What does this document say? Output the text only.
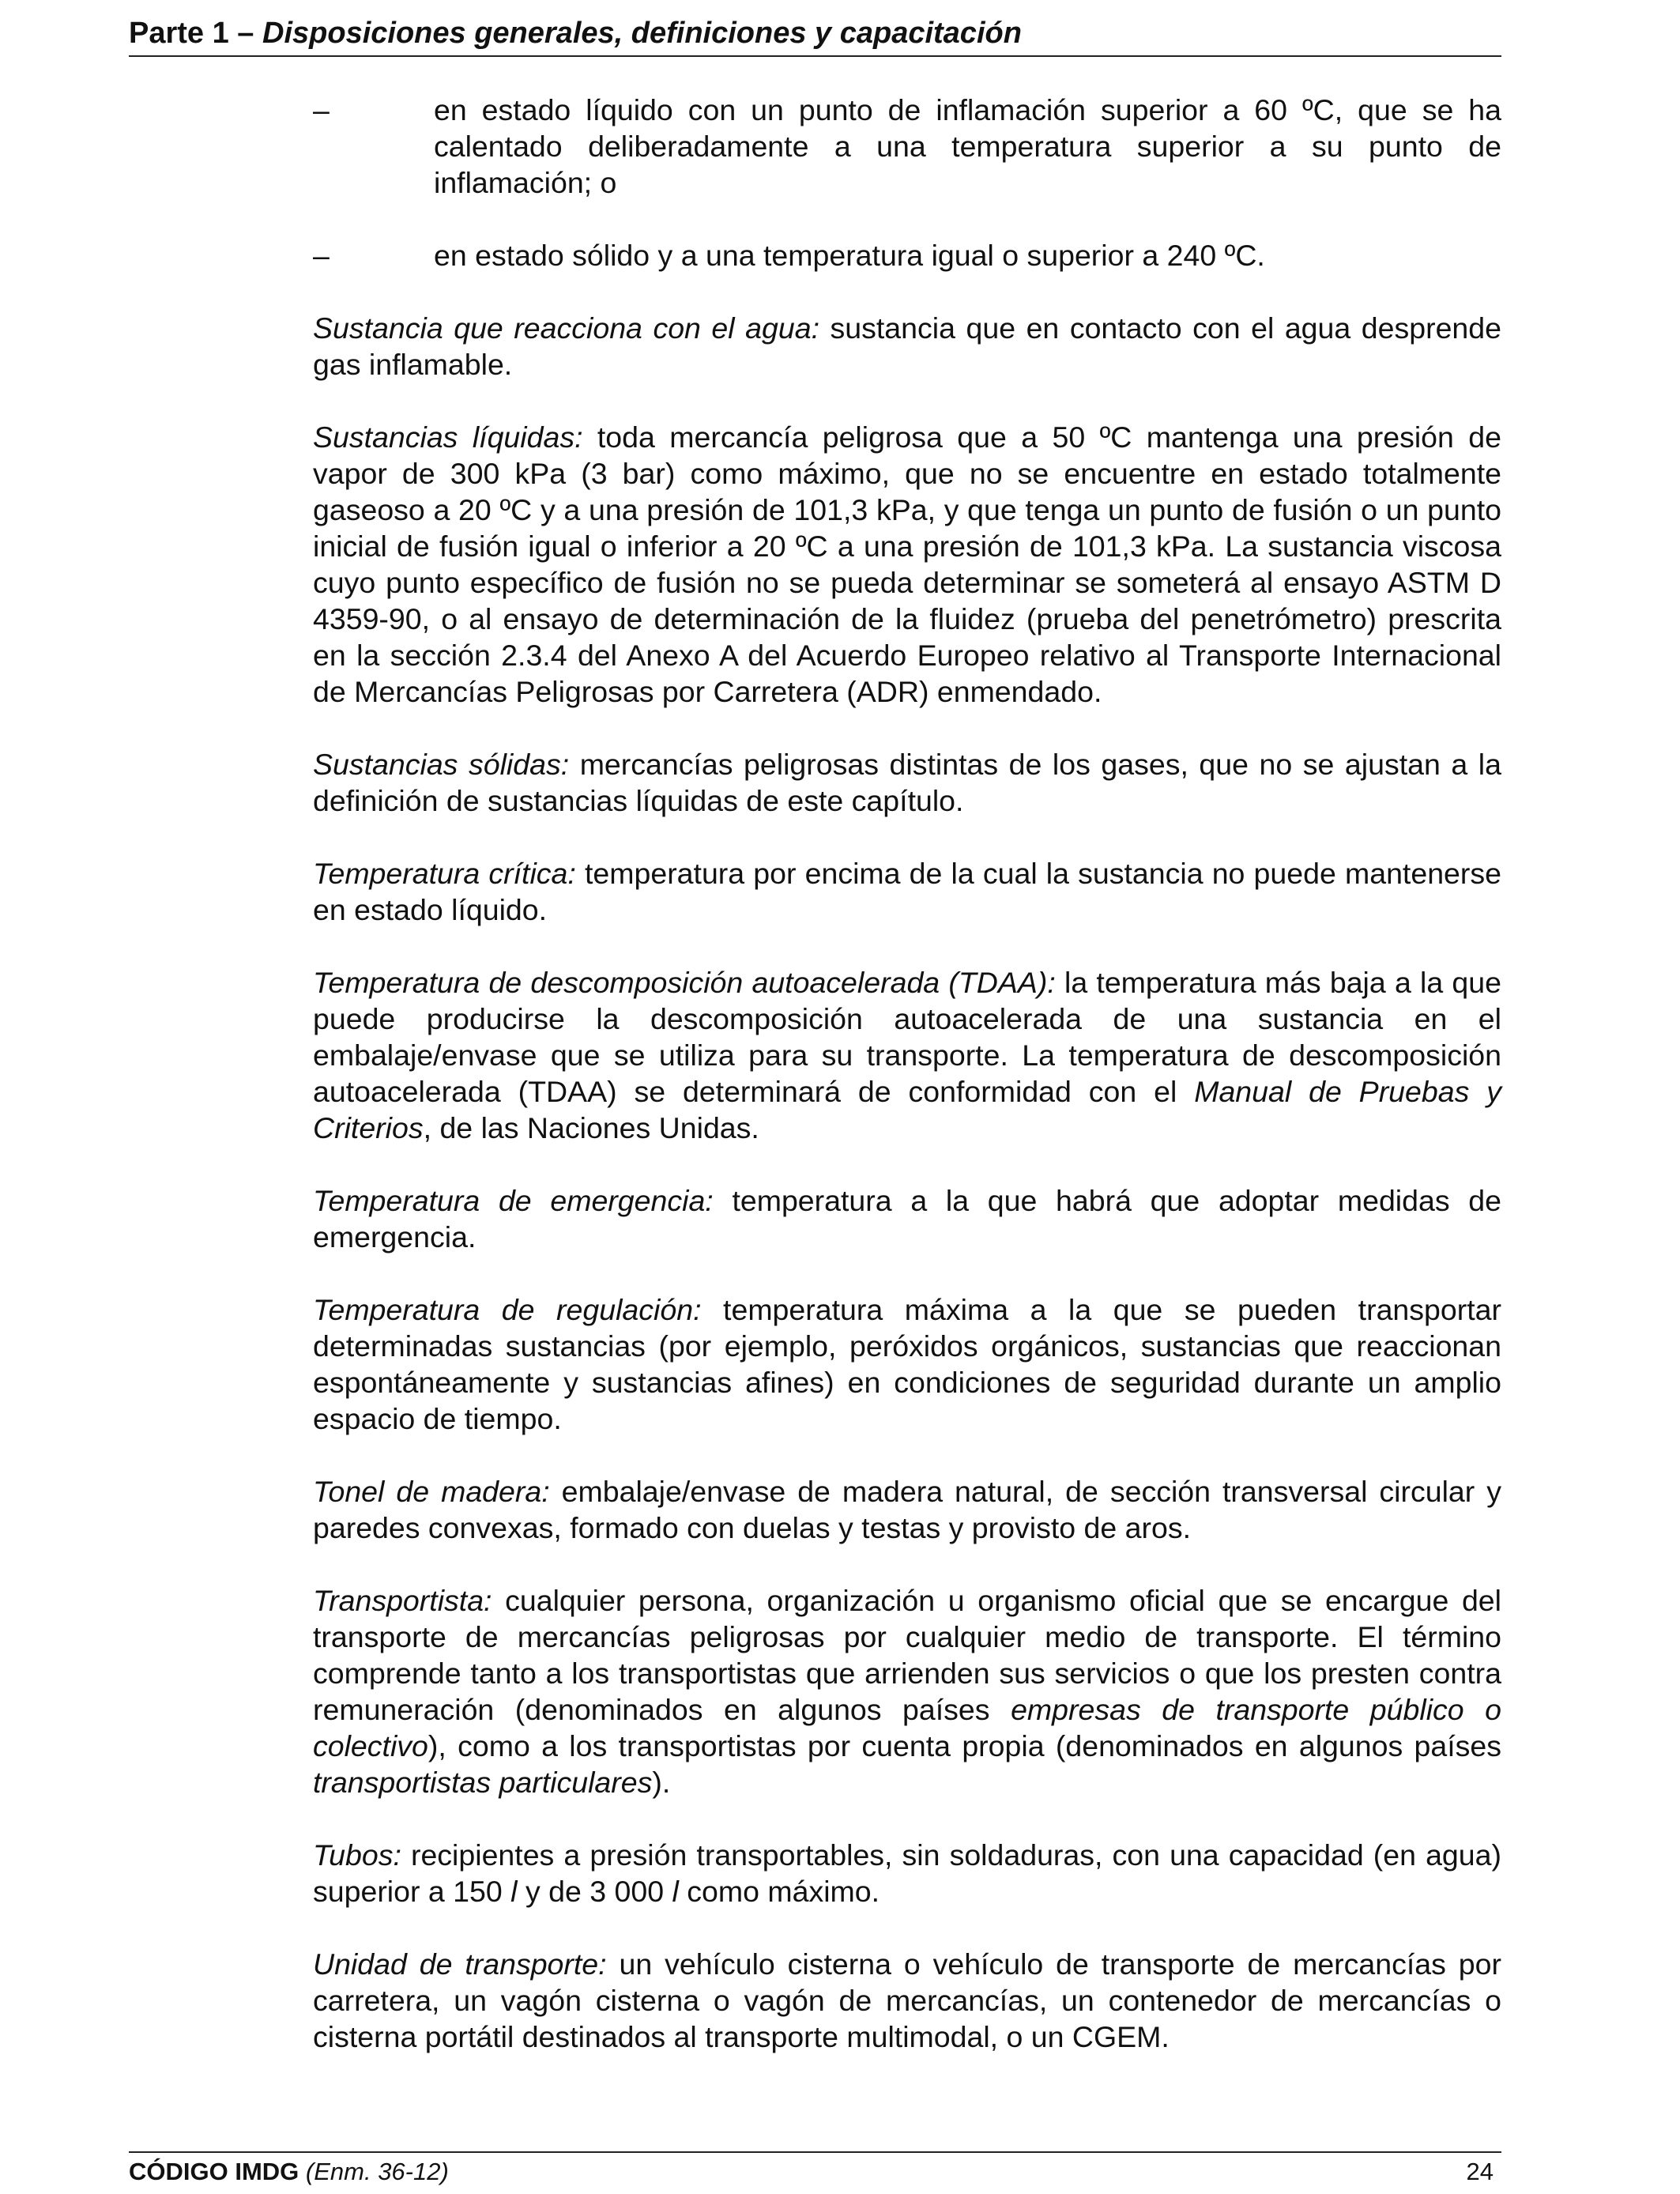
Parte 1 – Disposiciones generales, definiciones y capacitación
–	en estado líquido con un punto de inflamación superior a 60 ºC, que se ha calentado deliberadamente a una temperatura superior a su punto de inflamación; o
–	en estado sólido y a una temperatura igual o superior a 240 ºC.

Sustancia que reacciona con el agua: sustancia que en contacto con el agua desprende gas inflamable.

Sustancias líquidas: toda mercancía peligrosa que a 50 ºC mantenga una presión de vapor de 300 kPa (3 bar) como máximo, que no se encuentre en estado totalmente gaseoso a 20 ºC y a una presión de 101,3 kPa, y que tenga un punto de fusión o un punto inicial de fusión igual o inferior a 20 ºC a una presión de 101,3 kPa. La sustancia viscosa cuyo punto específico de fusión no se pueda determinar se someterá al ensayo ASTM D 4359-90, o al ensayo de determinación de la fluidez (prueba del penetrómetro) prescrita en la sección 2.3.4 del Anexo A del Acuerdo Europeo relativo al Transporte Internacional de Mercancías Peligrosas por Carretera (ADR) enmendado.

Sustancias sólidas: mercancías peligrosas distintas de los gases, que no se ajustan a la definición de sustancias líquidas de este capítulo.

Temperatura crítica: temperatura por encima de la cual la sustancia no puede mantenerse en estado líquido.

Temperatura de descomposición autoacelerada (TDAA): la temperatura más baja a la que puede producirse la descomposición autoacelerada de una sustancia en el embalaje/envase que se utiliza para su transporte. La temperatura de descomposición autoacelerada (TDAA) se determinará de conformidad con el Manual de Pruebas y Criterios, de las Naciones Unidas.

Temperatura de emergencia: temperatura a la que habrá que adoptar medidas de emergencia.

Temperatura de regulación: temperatura máxima a la que se pueden transportar determinadas sustancias (por ejemplo, peróxidos orgánicos, sustancias que reaccionan espontáneamente y sustancias afines) en condiciones de seguridad durante un amplio espacio de tiempo.

Tonel de madera: embalaje/envase de madera natural, de sección transversal circular y paredes convexas, formado con duelas y testas y provisto de aros.

Transportista: cualquier persona, organización u organismo oficial que se encargue del transporte de mercancías peligrosas por cualquier medio de transporte. El término comprende tanto a los transportistas que arrienden sus servicios o que los presten contra remuneración (denominados en algunos países empresas de transporte público o colectivo), como a los transportistas por cuenta propia (denominados en algunos países transportistas particulares).

Tubos: recipientes a presión transportables, sin soldaduras, con una capacidad (en agua) superior a 150 l y de 3 000 l como máximo.

Unidad de transporte: un vehículo cisterna o vehículo de transporte de mercancías por carretera, un vagón cisterna o vagón de mercancías, un contenedor de mercancías o cisterna portátil destinados al transporte multimodal, o un CGEM.

CÓDIGO IMDG (Enm. 36-12)	24
